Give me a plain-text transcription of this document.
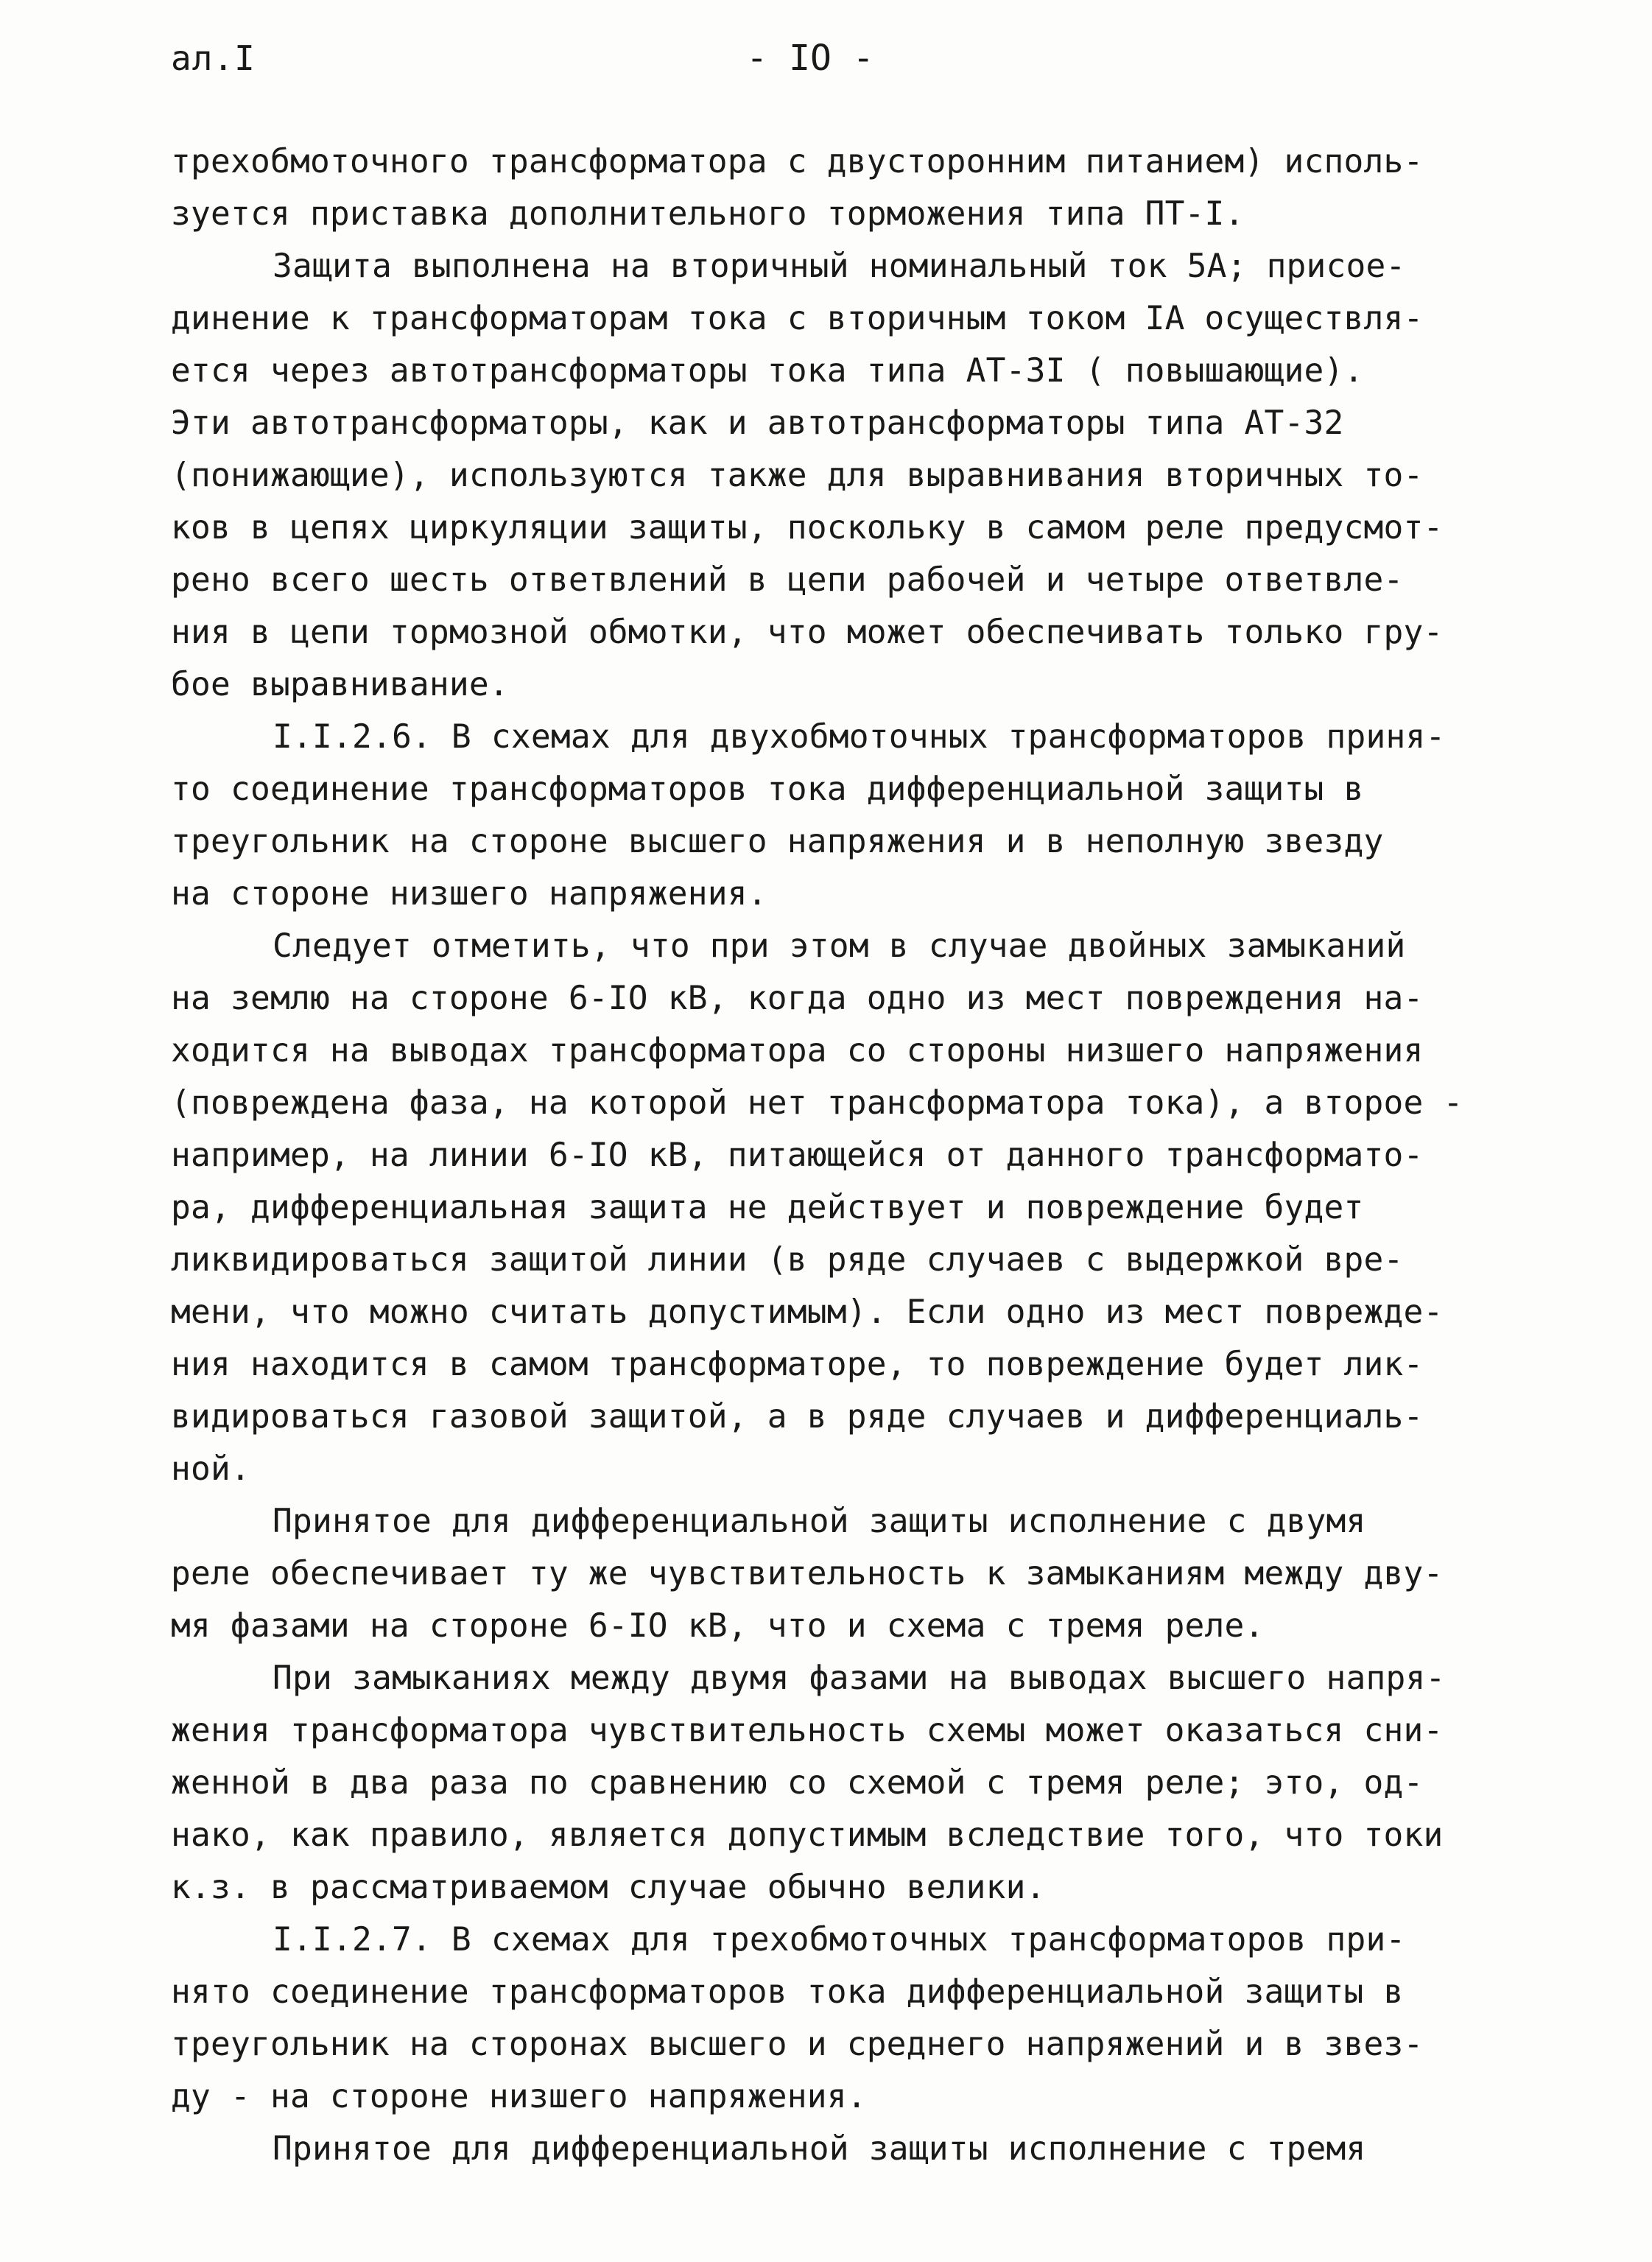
ал.I	- IO -
трехобмоточного трансформатора с двусторонним питанием) исполь-
зуется приставка дополнительного торможения типа ПТ-I.
Защита выполнена на вторичный номинальный ток 5А; присое-
динение к трансформаторам тока с вторичным током IА осуществля-
ется через автотрансформаторы тока типа АТ-3I ( повышающие).
Эти автотрансформаторы, как и автотрансформаторы типа АТ-32
(понижающие), используются также для выравнивания вторичных то-
ков в цепях циркуляции защиты, поскольку в самом реле предусмот-
рено всего шесть ответвлений в цепи рабочей и четыре ответвле-
ния в цепи тормозной обмотки, что может обеспечивать только гру-
бое выравнивание.
I.I.2.6. В схемах для двухобмоточных трансформаторов приня-
то соединение трансформаторов тока дифференциальной защиты в
треугольник на стороне высшего напряжения и в неполную звезду
на стороне низшего напряжения.
Следует отметить, что при этом в случае двойных замыканий
на землю на стороне 6-IO кВ, когда одно из мест повреждения на-
ходится на выводах трансформатора со стороны низшего напряжения
(повреждена фаза, на которой нет трансформатора тока), а второе -
например, на линии 6-IO кВ, питающейся от данного трансформато-
ра, дифференциальная защита не действует и повреждение будет
ликвидироваться защитой линии (в ряде случаев с выдержкой вре-
мени, что можно считать допустимым). Если одно из мест поврежде-
ния находится в самом трансформаторе, то повреждение будет лик-
видироваться газовой защитой, а в ряде случаев и дифференциаль-
ной.
Принятое для дифференциальной защиты исполнение с двумя
реле обеспечивает ту же чувствительность к замыканиям между дву-
мя фазами на стороне 6-IO кВ, что и схема с тремя реле.
При замыканиях между двумя фазами на выводах высшего напря-
жения трансформатора чувствительность схемы может оказаться сни-
женной в два раза по сравнению со схемой с тремя реле; это, од-
нако, как правило, является допустимым вследствие того, что токи
к.з. в рассматриваемом случае обычно велики.
I.I.2.7. В схемах для трехобмоточных трансформаторов при-
нято соединение трансформаторов тока дифференциальной защиты в
треугольник на сторонах высшего и среднего напряжений и в звез-
ду - на стороне низшего напряжения.
Принятое для дифференциальной защиты исполнение с тремя
